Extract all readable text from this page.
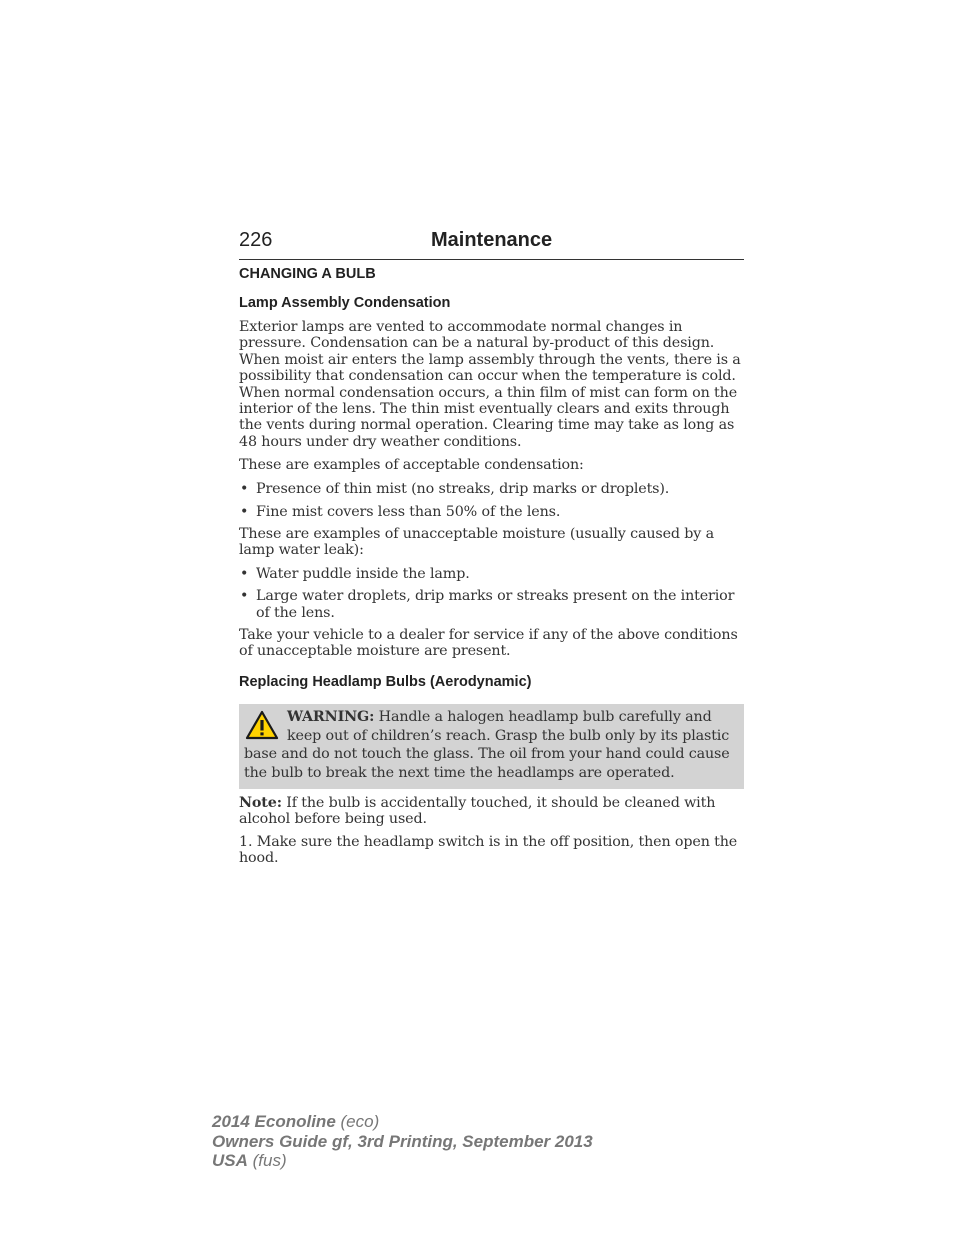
226	Maintenance
CHANGING A BULB
Lamp Assembly Condensation

Exterior lamps are vented to accommodate normal changes in pressure. Condensation can be a natural by-product of this design. When moist air enters the lamp assembly through the vents, there is a possibility that condensation can occur when the temperature is cold. When normal condensation occurs, a thin film of mist can form on the interior of the lens. The thin mist eventually clears and exits through the vents during normal operation. Clearing time may take as long as 48 hours under dry weather conditions.

These are examples of acceptable condensation:

• Presence of thin mist (no streaks, drip marks or droplets).
• Fine mist covers less than 50% of the lens.

These are examples of unacceptable moisture (usually caused by a lamp water leak):

• Water puddle inside the lamp.
• Large water droplets, drip marks or streaks present on the interior of the lens.

Take your vehicle to a dealer for service if any of the above conditions of unacceptable moisture are present.

Replacing Headlamp Bulbs (Aerodynamic)

WARNING: Handle a halogen headlamp bulb carefully and keep out of children’s reach. Grasp the bulb only by its plastic base and do not touch the glass. The oil from your hand could cause the bulb to break the next time the headlamps are operated.

Note: If the bulb is accidentally touched, it should be cleaned with alcohol before being used.

1. Make sure the headlamp switch is in the off position, then open the hood.

2014 Econoline (eco)
Owners Guide gf, 3rd Printing, September 2013
USA (fus)
